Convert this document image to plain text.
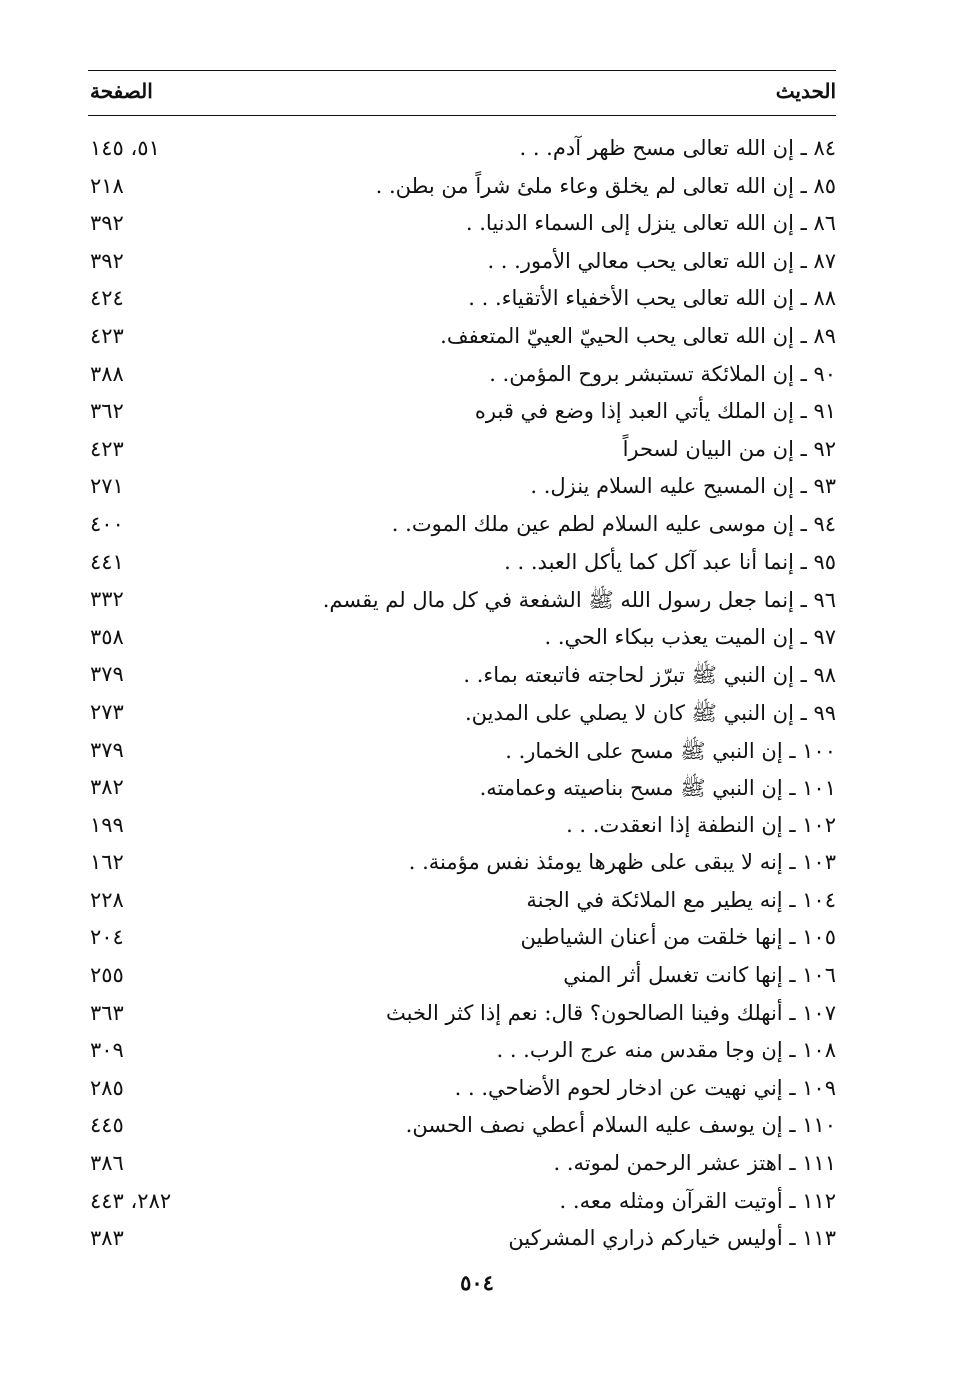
الحديث
الصفحة
٨٤ ـ إن الله تعالى مسح ظهر آدم. . .
٥١، ١٤٥
٨٥ ـ إن الله تعالى لم يخلق وعاء ملئ شراً من بطن. .
٢١٨
٨٦ ـ إن الله تعالى ينزل إلى السماء الدنيا. .
٣٩٢
٨٧ ـ إن الله تعالى يحب معالي الأمور. . .
٣٩٢
٨٨ ـ إن الله تعالى يحب الأخفياء الأتقياء. . .
٤٢٤
٨٩ ـ إن الله تعالى يحب الحييّ العييّ المتعفف.
٤٢٣
٩٠ ـ إن الملائكة تستبشر بروح المؤمن. .
٣٨٨
٩١ ـ إن الملك يأتي العبد إذا وضع في قبره
٣٦٢
٩٢ ـ إن من البيان لسحراً
٤٢٣
٩٣ ـ إن المسيح عليه السلام ينزل. .
٢٧١
٩٤ ـ إن موسى عليه السلام لطم عين ملك الموت. .
٤٠٠
٩٥ ـ إنما أنا عبد آكل كما يأكل العبد. . .
٤٤١
٩٦ ـ إنما جعل رسول الله ﷺ الشفعة في كل مال لم يقسم.
٣٣٢
٩٧ ـ إن الميت يعذب ببكاء الحي. .
٣٥٨
٩٨ ـ إن النبي ﷺ تبرّز لحاجته فاتبعته بماء. .
٣٧٩
٩٩ ـ إن النبي ﷺ كان لا يصلي على المدين.
٢٧٣
١٠٠ ـ إن النبي ﷺ مسح على الخمار. .
٣٧٩
١٠١ ـ إن النبي ﷺ مسح بناصيته وعمامته.
٣٨٢
١٠٢ ـ إن النطفة إذا انعقدت. . .
١٩٩
١٠٣ ـ إنه لا يبقى على ظهرها يومئذ نفس مؤمنة. .
١٦٢
١٠٤ ـ إنه يطير مع الملائكة في الجنة
٢٢٨
١٠٥ ـ إنها خلقت من أعنان الشياطين
٢٠٤
١٠٦ ـ إنها كانت تغسل أثر المني
٢٥٥
١٠٧ ـ أنهلك وفينا الصالحون؟ قال: نعم إذا كثر الخبث
٣٦٣
١٠٨ ـ إن وجا مقدس منه عرج الرب. . .
٣٠٩
١٠٩ ـ إني نهيت عن ادخار لحوم الأضاحي. . .
٢٨٥
١١٠ ـ إن يوسف عليه السلام أعطي نصف الحسن.
٤٤٥
١١١ ـ اهتز عشر الرحمن لموته. .
٣٨٦
١١٢ ـ أوتيت القرآن ومثله معه. .
٢٨٢، ٤٤٣
١١٣ ـ أوليس خياركم ذراري المشركين
٣٨٣
٥٠٤
